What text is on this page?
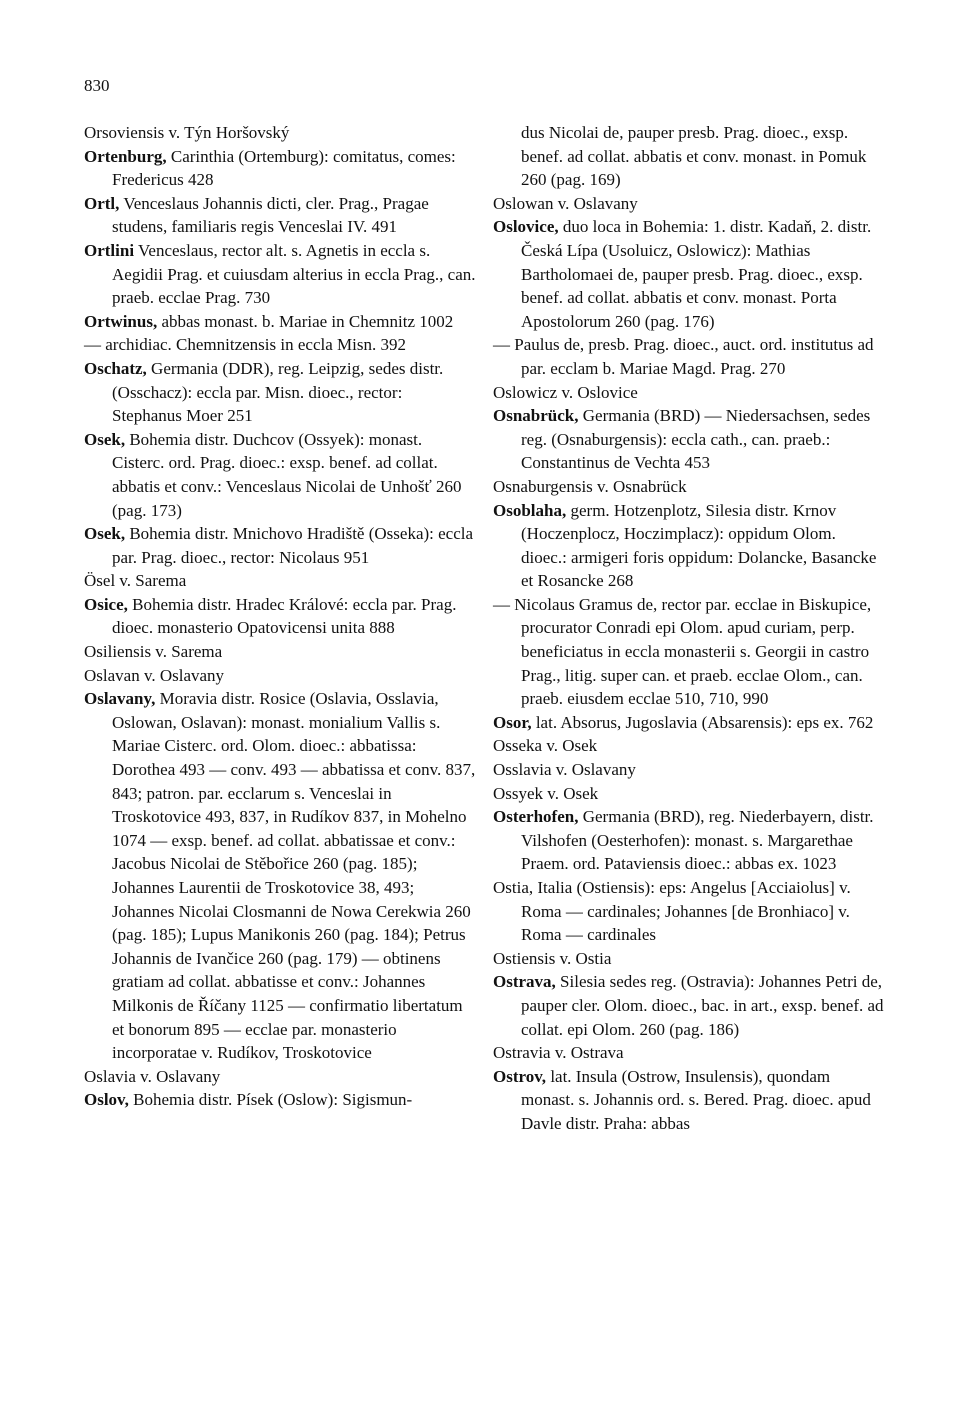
830

Orsoviensis v. Týn Horšovský

Ortenburg, Carinthia (Ortemburg): comitatus, comes: Fredericus 428

Ortl, Venceslaus Johannis dicti, cler. Prag., Pragae studens, familiaris regis Venceslai IV. 491

Ortlini Venceslaus, rector alt. s. Agnetis in eccla s. Aegidii Prag. et cuiusdam alterius in eccla Prag., can. praeb. ecclae Prag. 730

Ortwinus, abbas monast. b. Mariae in Chemnitz 1002

— archidiac. Chemnitzensis in eccla Misn. 392

Oschatz, Germania (DDR), reg. Leipzig, sedes distr. (Osschacz): eccla par. Misn. dioec., rector: Stephanus Moer 251

Osek, Bohemia distr. Duchcov (Ossyek): monast. Cisterc. ord. Prag. dioec.: exsp. benef. ad collat. abbatis et conv.: Venceslaus Nicolai de Unhošť 260 (pag. 173)

Osek, Bohemia distr. Mnichovo Hradiště (Osseka): eccla par. Prag. dioec., rector: Nicolaus 951

Ösel v. Sarema

Osice, Bohemia distr. Hradec Králové: eccla par. Prag. dioec. monasterio Opatovicensi unita 888

Osiliensis v. Sarema

Oslavan v. Oslavany

Oslavany, Moravia distr. Rosice (Oslavia, Osslavia, Oslowan, Oslavan): monast. monialium Vallis s. Mariae Cisterc. ord. Olom. dioec.: abbatissa: Dorothea 493 — conv. 493 — abbatissa et conv. 837, 843; patron. par. ecclarum s. Venceslai in Troskotovice 493, 837, in Rudíkov 837, in Mohelno 1074 — exsp. benef. ad collat. abbatissae et conv.: Jacobus Nicolai de Stěbořice 260 (pag. 185); Johannes Laurentii de Troskotovice 38, 493; Johannes Nicolai Closmanni de Nowa Cerekwia 260 (pag. 185); Lupus Manikonis 260 (pag. 184); Petrus Johannis de Ivančice 260 (pag. 179) — obtinens gratiam ad collat. abbatisse et conv.: Johannes Milkonis de Říčany 1125 — confirmatio libertatum et bonorum 895 — ecclae par. monasterio incorporatae v. Rudíkov, Troskotovice

Oslavia v. Oslavany

Oslov, Bohemia distr. Písek (Oslow): Sigismun-

dus Nicolai de, pauper presb. Prag. dioec., exsp. benef. ad collat. abbatis et conv. monast. in Pomuk 260 (pag. 169)

Oslowan v. Oslavany

Oslovice, duo loca in Bohemia: 1. distr. Kadaň, 2. distr. Česká Lípa (Usoluicz, Oslowicz): Mathias Bartholomaei de, pauper presb. Prag. dioec., exsp. benef. ad collat. abbatis et conv. monast. Porta Apostolorum 260 (pag. 176)

— Paulus de, presb. Prag. dioec., auct. ord. institutus ad par. ecclam b. Mariae Magd. Prag. 270

Oslowicz v. Oslovice

Osnabrück, Germania (BRD) — Niedersachsen, sedes reg. (Osnaburgensis): eccla cath., can. praeb.: Constantinus de Vechta 453

Osnaburgensis v. Osnabrück

Osoblaha, germ. Hotzenplotz, Silesia distr. Krnov (Hoczenplocz, Hoczimplacz): oppidum Olom. dioec.: armigeri foris oppidum: Dolancke, Basancke et Rosancke 268

— Nicolaus Gramus de, rector par. ecclae in Biskupice, procurator Conradi epi Olom. apud curiam, perp. beneficiatus in eccla monasterii s. Georgii in castro Prag., litig. super can. et praeb. ecclae Olom., can. praeb. eiusdem ecclae 510, 710, 990

Osor, lat. Absorus, Jugoslavia (Absarensis): eps ex. 762

Osseka v. Osek

Osslavia v. Oslavany

Ossyek v. Osek

Osterhofen, Germania (BRD), reg. Niederbayern, distr. Vilshofen (Oesterhofen): monast. s. Margarethae Praem. ord. Pataviensis dioec.: abbas ex. 1023

Ostia, Italia (Ostiensis): eps: Angelus [Acciaiolus] v. Roma — cardinales; Johannes [de Bronhiaco] v. Roma — cardinales

Ostiensis v. Ostia

Ostrava, Silesia sedes reg. (Ostravia): Johannes Petri de, pauper cler. Olom. dioec., bac. in art., exsp. benef. ad collat. epi Olom. 260 (pag. 186)

Ostravia v. Ostrava

Ostrov, lat. Insula (Ostrow, Insulensis), quondam monast. s. Johannis ord. s. Bered. Prag. dioec. apud Davle distr. Praha: abbas
